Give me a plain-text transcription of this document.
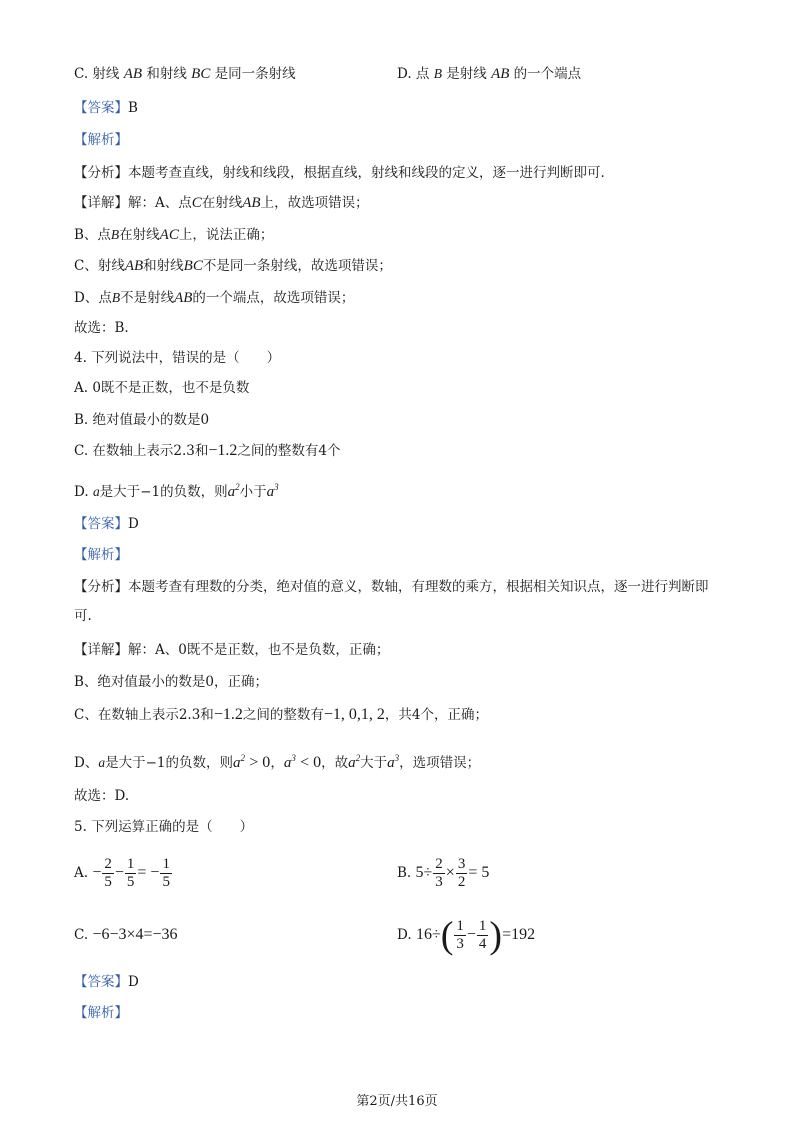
C. 射线 AB 和射线 BC 是同一条射线	D. 点 B 是射线 AB 的一个端点
【答案】B
【解析】
【分析】本题考查直线，射线和线段，根据直线，射线和线段的定义，逐一进行判断即可.
【详解】解：A、点C在射线AB上，故选项错误；
B、点B在射线AC上，说法正确；
C、射线AB和射线BC不是同一条射线，故选项错误；
D、点B不是射线AB的一个端点，故选项错误；
故选：B.
4. 下列说法中，错误的是（　　）
A. 0既不是正数，也不是负数
B. 绝对值最小的数是0
C. 在数轴上表示2.3和−1.2之间的整数有4个
D. a是大于−1的负数，则$a^2$小于$a^3$
【答案】D
【解析】
【分析】本题考查有理数的分类，绝对值的意义，数轴，有理数的乘方，根据相关知识点，逐一进行判断即
可.
【详解】解：A、0既不是正数，也不是负数，正确；
B、绝对值最小的数是0，正确；
C、在数轴上表示2.3和−1.2之间的整数有−1, 0,1, 2，共4个，正确；
D、a是大于−1的负数，则$a^2 > 0$，$a^3 < 0$，故$a^2$大于$a^3$，选项错误；
故选：D.
5. 下列运算正确的是（　　）
A. − $\frac{2}{5} - \frac{1}{5}$ = − $\frac{1}{5}$	B. $5\div \frac{2}{3} \times \frac{3}{2} = 5$
C. −6−3×4=−36	D. $16\div( \frac{1}{3} - \frac{1}{4} )=192$
【答案】D
【解析】
第2页/共16页
